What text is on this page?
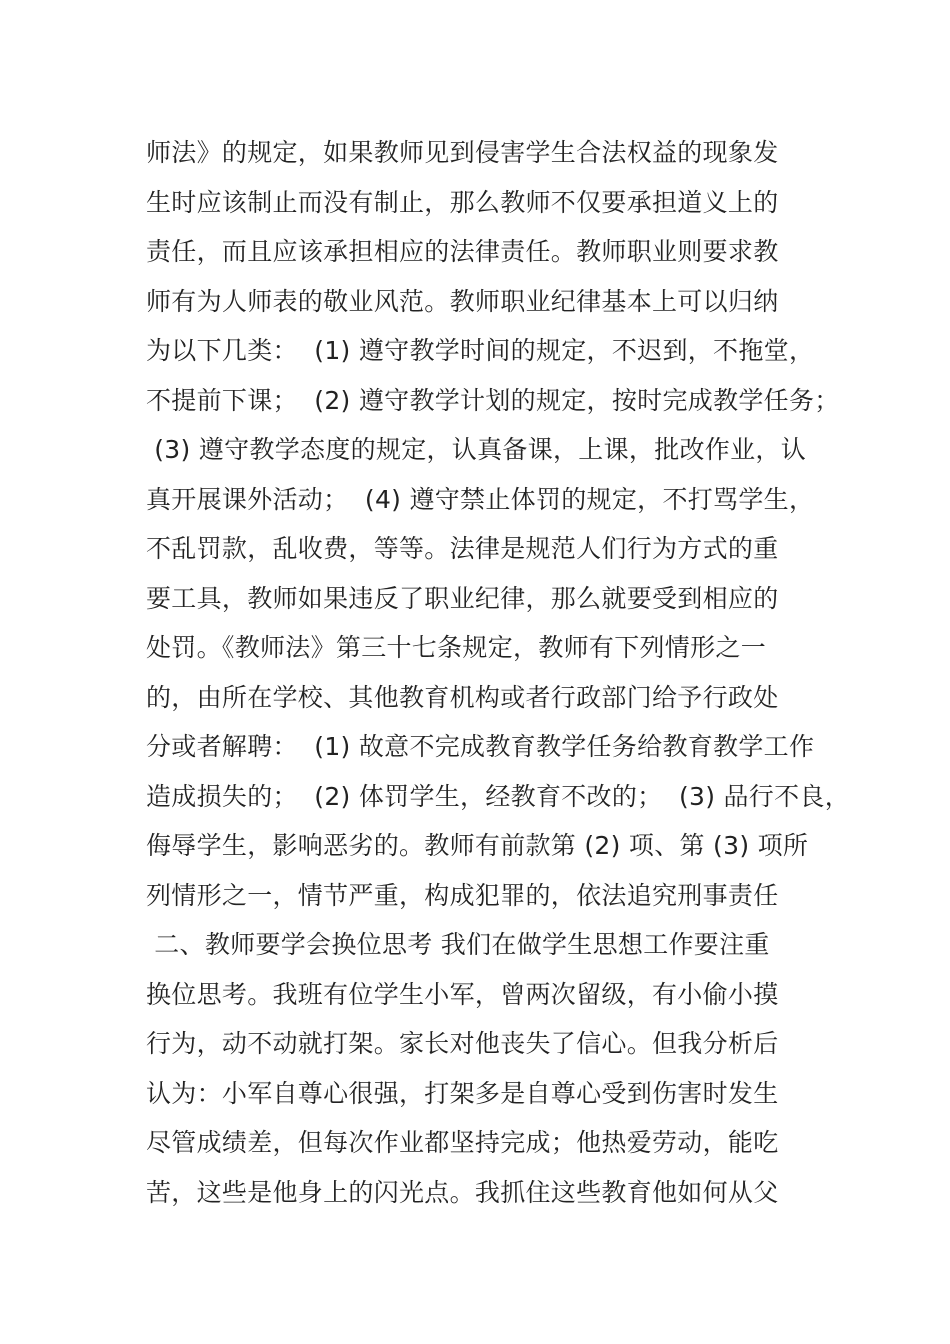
师法》的规定，如果教师见到侵害学生合法权益的现象发
生时应该制止而没有制止，那么教师不仅要承担道义上的
责任，而且应该承担相应的法律责任。教师职业则要求教
师有为人师表的敬业风范。教师职业纪律基本上可以归纳
为以下几类：  (1) 遵守教学时间的规定，不迟到，不拖堂，
不提前下课；  (2) 遵守教学计划的规定，按时完成教学任务；
(3) 遵守教学态度的规定，认真备课，上课，批改作业，认
真开展课外活动；  (4) 遵守禁止体罚的规定，不打骂学生，
不乱罚款，乱收费，等等。法律是规范人们行为方式的重
要工具，教师如果违反了职业纪律，那么就要受到相应的
处罚。《教师法》第三十七条规定，教师有下列情形之一
的，由所在学校、其他教育机构或者行政部门给予行政处
分或者解聘：  (1) 故意不完成教育教学任务给教育教学工作
造成损失的；  (2) 体罚学生，经教育不改的；  (3) 品行不良，
侮辱学生，影响恶劣的。教师有前款第 (2) 项、第 (3) 项所
列情形之一，情节严重，构成犯罪的，依法追究刑事责任
二、教师要学会换位思考 我们在做学生思想工作要注重
换位思考。我班有位学生小军，曾两次留级，有小偷小摸
行为，动不动就打架。家长对他丧失了信心。但我分析后
认为：小军自尊心很强，打架多是自尊心受到伤害时发生
尽管成绩差，但每次作业都坚持完成；他热爱劳动，能吃
苦，这些是他身上的闪光点。我抓住这些教育他如何从父
